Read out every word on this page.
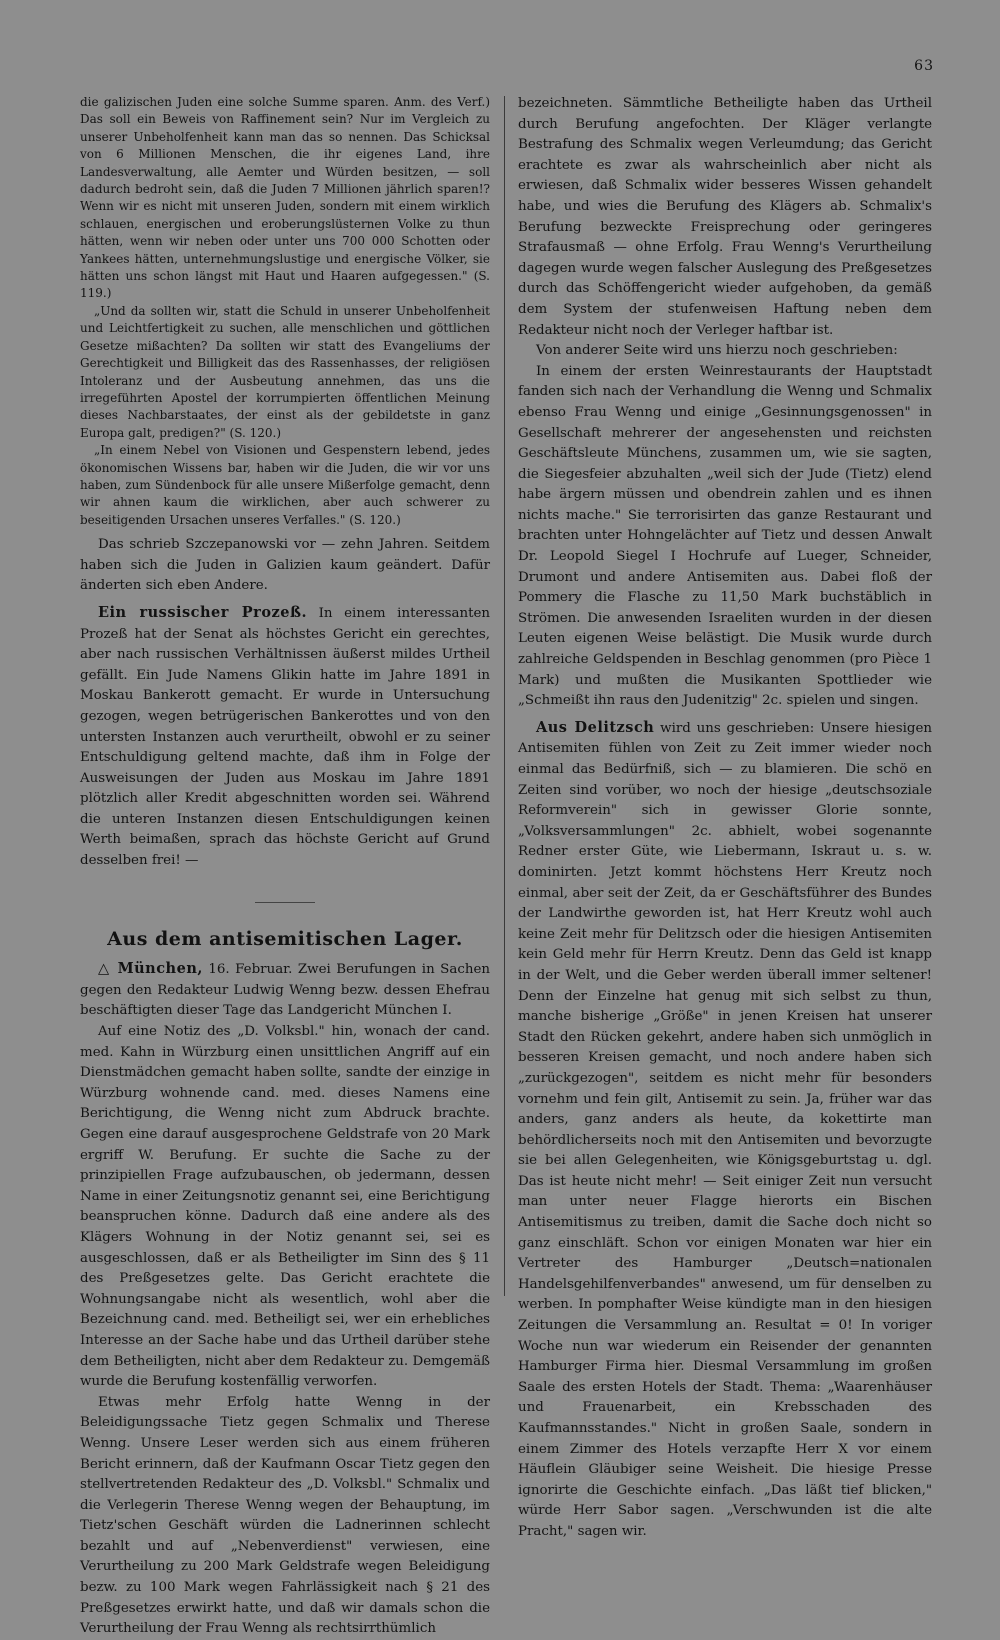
63

die galizischen Juden eine solche Summe sparen. Anm. des Verf.) Das soll ein Beweis von Raffinement sein? Nur im Vergleich zu unserer Unbeholfenheit kann man das so nennen. Das Schicksal von 6 Millionen Menschen, die ihr eigenes Land, ihre Landesverwaltung, alle Aemter und Würden besitzen, — soll dadurch bedroht sein, daß die Juden 7 Millionen jährlich sparen!? Wenn wir es nicht mit unseren Juden, sondern mit einem wirklich schlauen, energischen und eroberungslüsternen Volke zu thun hätten, wenn wir neben oder unter uns 700 000 Schotten oder Yankees hätten, unternehmungslustige und energische Völker, sie hätten uns schon längst mit Haut und Haaren aufgegessen." (S. 119.)

„Und da sollten wir, statt die Schuld in unserer Unbeholfenheit und Leichtfertigkeit zu suchen, alle menschlichen und göttlichen Gesetze mißachten? Da sollten wir statt des Evangeliums der Gerechtigkeit und Billigkeit das des Rassenhasses, der religiösen Intoleranz und der Ausbeutung annehmen, das uns die irregeführten Apostel der korrumpierten öffentlichen Meinung dieses Nachbarstaates, der einst als der gebildetste in ganz Europa galt, predigen?" (S. 120.)

„In einem Nebel von Visionen und Gespenstern lebend, jedes ökonomischen Wissens bar, haben wir die Juden, die wir vor uns haben, zum Sündenbock für alle unsere Mißerfolge gemacht, denn wir ahnen kaum die wirklichen, aber auch schwerer zu beseitigenden Ursachen unseres Verfalles." (S. 120.)

Das schrieb Szczepanowski vor — zehn Jahren. Seitdem haben sich die Juden in Galizien kaum geändert. Dafür änderten sich eben Andere.

Ein russischer Prozeß. In einem interessanten Prozeß hat der Senat als höchstes Gericht ein gerechtes, aber nach russischen Verhältnissen äußerst mildes Urtheil gefällt. Ein Jude Namens Glikin hatte im Jahre 1891 in Moskau Bankerott gemacht. Er wurde in Untersuchung gezogen, wegen betrügerischen Bankerottes und von den untersten Instanzen auch verurtheilt, obwohl er zu seiner Entschuldigung geltend machte, daß ihm in Folge der Ausweisungen der Juden aus Moskau im Jahre 1891 plötzlich aller Kredit abgeschnitten worden sei. Während die unteren Instanzen diesen Entschuldigungen keinen Werth beimaßen, sprach das höchste Gericht auf Grund desselben frei! —

Aus dem antisemitischen Lager.

△ München, 16. Februar. Zwei Berufungen in Sachen gegen den Redakteur Ludwig Wenng bezw. dessen Ehefrau beschäftigten dieser Tage das Landgericht München I.

Auf eine Notiz des „D. Volksbl." hin, wonach der cand. med. Kahn in Würzburg einen unsittlichen Angriff auf ein Dienstmädchen gemacht haben sollte, sandte der einzige in Würzburg wohnende cand. med. dieses Namens eine Berichtigung, die Wenng nicht zum Abdruck brachte. Gegen eine darauf ausgesprochene Geldstrafe von 20 Mark ergriff W. Berufung. Er suchte die Sache zu der prinzipiellen Frage aufzubauschen, ob jedermann, dessen Name in einer Zeitungsnotiz genannt sei, eine Berichtigung beanspruchen könne. Dadurch daß eine andere als des Klägers Wohnung in der Notiz genannt sei, sei es ausgeschlossen, daß er als Betheiligter im Sinn des § 11 des Preßgesetzes gelte. Das Gericht erachtete die Wohnungsangabe nicht als wesentlich, wohl aber die Bezeichnung cand. med. Betheiligt sei, wer ein erhebliches Interesse an der Sache habe und das Urtheil darüber stehe dem Betheiligten, nicht aber dem Redakteur zu. Demgemäß wurde die Berufung kostenfällig verworfen.

Etwas mehr Erfolg hatte Wenng in der Beleidigungssache Tietz gegen Schmalix und Therese Wenng. Unsere Leser werden sich aus einem früheren Bericht erinnern, daß der Kaufmann Oscar Tietz gegen den stellvertretenden Redakteur des „D. Volksbl." Schmalix und die Verlegerin Therese Wenng wegen der Behauptung, im Tietz'schen Geschäft würden die Ladnerinnen schlecht bezahlt und auf „Nebenverdienst" verwiesen, eine Verurtheilung zu 200 Mark Geldstrafe wegen Beleidigung bezw. zu 100 Mark wegen Fahrlässigkeit nach § 21 des Preßgesetzes erwirkt hatte, und daß wir damals schon die Verurtheilung der Frau Wenng als rechtsirrthümlich

bezeichneten. Sämmtliche Betheiligte haben das Urtheil durch Berufung angefochten. Der Kläger verlangte Bestrafung des Schmalix wegen Verleumdung; das Gericht erachtete es zwar als wahrscheinlich aber nicht als erwiesen, daß Schmalix wider besseres Wissen gehandelt habe, und wies die Berufung des Klägers ab. Schmalix's Berufung bezweckte Freisprechung oder geringeres Strafausmaß — ohne Erfolg. Frau Wenng's Verurtheilung dagegen wurde wegen falscher Auslegung des Preßgesetzes durch das Schöffengericht wieder aufgehoben, da gemäß dem System der stufenweisen Haftung neben dem Redakteur nicht noch der Verleger haftbar ist.

Von anderer Seite wird uns hierzu noch geschrieben:

In einem der ersten Weinrestaurants der Hauptstadt fanden sich nach der Verhandlung die Wenng und Schmalix ebenso Frau Wenng und einige „Gesinnungsgenossen" in Gesellschaft mehrerer der angesehensten und reichsten Geschäftsleute Münchens, zusammen um, wie sie sagten, die Siegesfeier abzuhalten „weil sich der Jude (Tietz) elend habe ärgern müssen und obendrein zahlen und es ihnen nichts mache." Sie terrorisirten das ganze Restaurant und brachten unter Hohngelächter auf Tietz und dessen Anwalt Dr. Leopold Siegel I Hochrufe auf Lueger, Schneider, Drumont und andere Antisemiten aus. Dabei floß der Pommery die Flasche zu 11,50 Mark buchstäblich in Strömen. Die anwesenden Israeliten wurden in der diesen Leuten eigenen Weise belästigt. Die Musik wurde durch zahlreiche Geldspenden in Beschlag genommen (pro Pièce 1 Mark) und mußten die Musikanten Spottlieder wie „Schmeißt ihn raus den Judenitzig" 2c. spielen und singen.

Aus Delitzsch wird uns geschrieben: Unsere hiesigen Antisemiten fühlen von Zeit zu Zeit immer wieder noch einmal das Bedürfniß, sich — zu blamieren. Die schö en Zeiten sind vorüber, wo noch der hiesige „deutschsoziale Reformverein" sich in gewisser Glorie sonnte, „Volksversammlungen" 2c. abhielt, wobei sogenannte Redner erster Güte, wie Liebermann, Iskraut u. s. w. dominirten. Jetzt kommt höchstens Herr Kreutz noch einmal, aber seit der Zeit, da er Geschäftsführer des Bundes der Landwirthe geworden ist, hat Herr Kreutz wohl auch keine Zeit mehr für Delitzsch oder die hiesigen Antisemiten kein Geld mehr für Herrn Kreutz. Denn das Geld ist knapp in der Welt, und die Geber werden überall immer seltener! Denn der Einzelne hat genug mit sich selbst zu thun, manche bisherige „Größe" in jenen Kreisen hat unserer Stadt den Rücken gekehrt, andere haben sich unmöglich in besseren Kreisen gemacht, und noch andere haben sich „zurückgezogen", seitdem es nicht mehr für besonders vornehm und fein gilt, Antisemit zu sein. Ja, früher war das anders, ganz anders als heute, da kokettirte man behördlicherseits noch mit den Antisemiten und bevorzugte sie bei allen Gelegenheiten, wie Königsgeburtstag u. dgl. Das ist heute nicht mehr! — Seit einiger Zeit nun versucht man unter neuer Flagge hierorts ein Bischen Antisemitismus zu treiben, damit die Sache doch nicht so ganz einschläft. Schon vor einigen Monaten war hier ein Vertreter des Hamburger „Deutsch=nationalen Handelsgehilfenverbandes" anwesend, um für denselben zu werben. In pomphafter Weise kündigte man in den hiesigen Zeitungen die Versammlung an. Resultat = 0! In voriger Woche nun war wiederum ein Reisender der genannten Hamburger Firma hier. Diesmal Versammlung im großen Saale des ersten Hotels der Stadt. Thema: „Waarenhäuser und Frauenarbeit, ein Krebsschaden des Kaufmannsstandes." Nicht in großen Saale, sondern in einem Zimmer des Hotels verzapfte Herr X vor einem Häuflein Gläubiger seine Weisheit. Die hiesige Presse ignorirte die Geschichte einfach. „Das läßt tief blicken," würde Herr Sabor sagen. „Verschwunden ist die alte Pracht," sagen wir.
